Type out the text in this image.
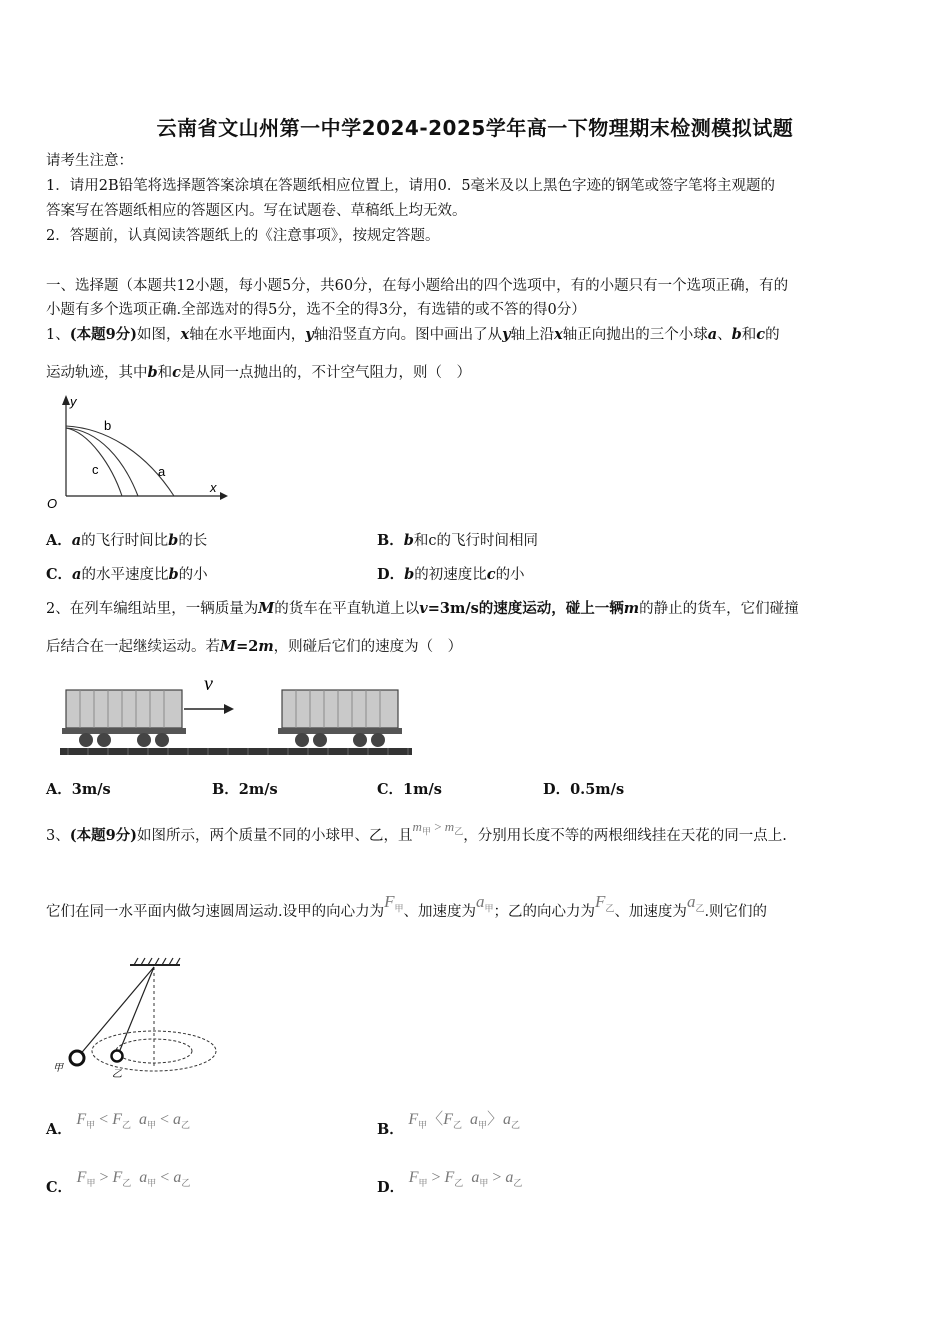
云南省文山州第一中学2024-2025学年高一下物理期末检测模拟试题
请考生注意：
1．请用2B铅笔将选择题答案涂填在答题纸相应位置上，请用0．5毫米及以上黑色字迹的钢笔或签字笔将主观题的
答案写在答题纸相应的答题区内。写在试题卷、草稿纸上均无效。
2．答题前，认真阅读答题纸上的《注意事项》，按规定答题。
一、选择题（本题共12小题，每小题5分，共60分，在每小题给出的四个选项中，有的小题只有一个选项正确，有的
小题有多个选项正确.全部选对的得5分，选不全的得3分，有选错的或不答的得0分）
1、(本题9分)如图，x轴在水平地面内，y轴沿竖直方向。图中画出了从y轴上沿x轴正向抛出的三个小球a、b和c的
运动轨迹，其中b和c是从同一点抛出的，不计空气阻力，则（　）
y
x
O
a
b
c
A．a的飞行时间比b的长	B．b和c的飞行时间相同
C．a的水平速度比b的小	D．b的初速度比c的小
2、在列车编组站里，一辆质量为M的货车在平直轨道上以v=3m/s的速度运动，碰上一辆m的静止的货车，它们碰撞
后结合在一起继续运动。若M=2m，则碰后它们的速度为（　）
v
A．3m/s	B．2m/s	C．1m/s	D．0.5m/s
3、(本题9分)如图所示，两个质量不同的小球甲、乙，且$m_甲 > m_乙$，分别用长度不等的两根细线挂在天花的同一点上.
它们在同一水平面内做匀速圆周运动.设甲的向心力为$F_甲$、加速度为$a_甲$；乙的向心力为$F_乙$、加速度为$a_乙$.则它们的
甲
乙
A． $F_甲 < F_乙$ $a_甲 < a_乙$	B． $F_甲$〈$F_乙$ $a_甲$〉$a_乙$
C． $F_甲 > F_乙$ $a_甲 < a_乙$	D． $F_甲 > F_乙$ $a_甲 > a_乙$
